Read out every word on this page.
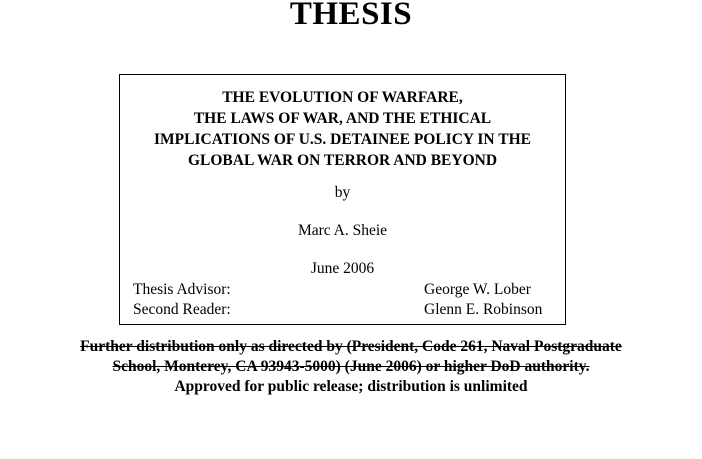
THESIS
THE EVOLUTION OF WARFARE,
THE LAWS OF WAR, AND THE ETHICAL
IMPLICATIONS OF U.S. DETAINEE POLICY IN THE
GLOBAL WAR ON TERROR AND BEYOND
by
Marc A. Sheie
June 2006
Thesis Advisor:	George W. Lober
Second Reader:	Glenn E. Robinson
Further distribution only as directed by (President, Code 261, Naval Postgraduate
School, Monterey, CA 93943-5000) (June 2006) or higher DoD authority.
Approved for public release; distribution is unlimited
